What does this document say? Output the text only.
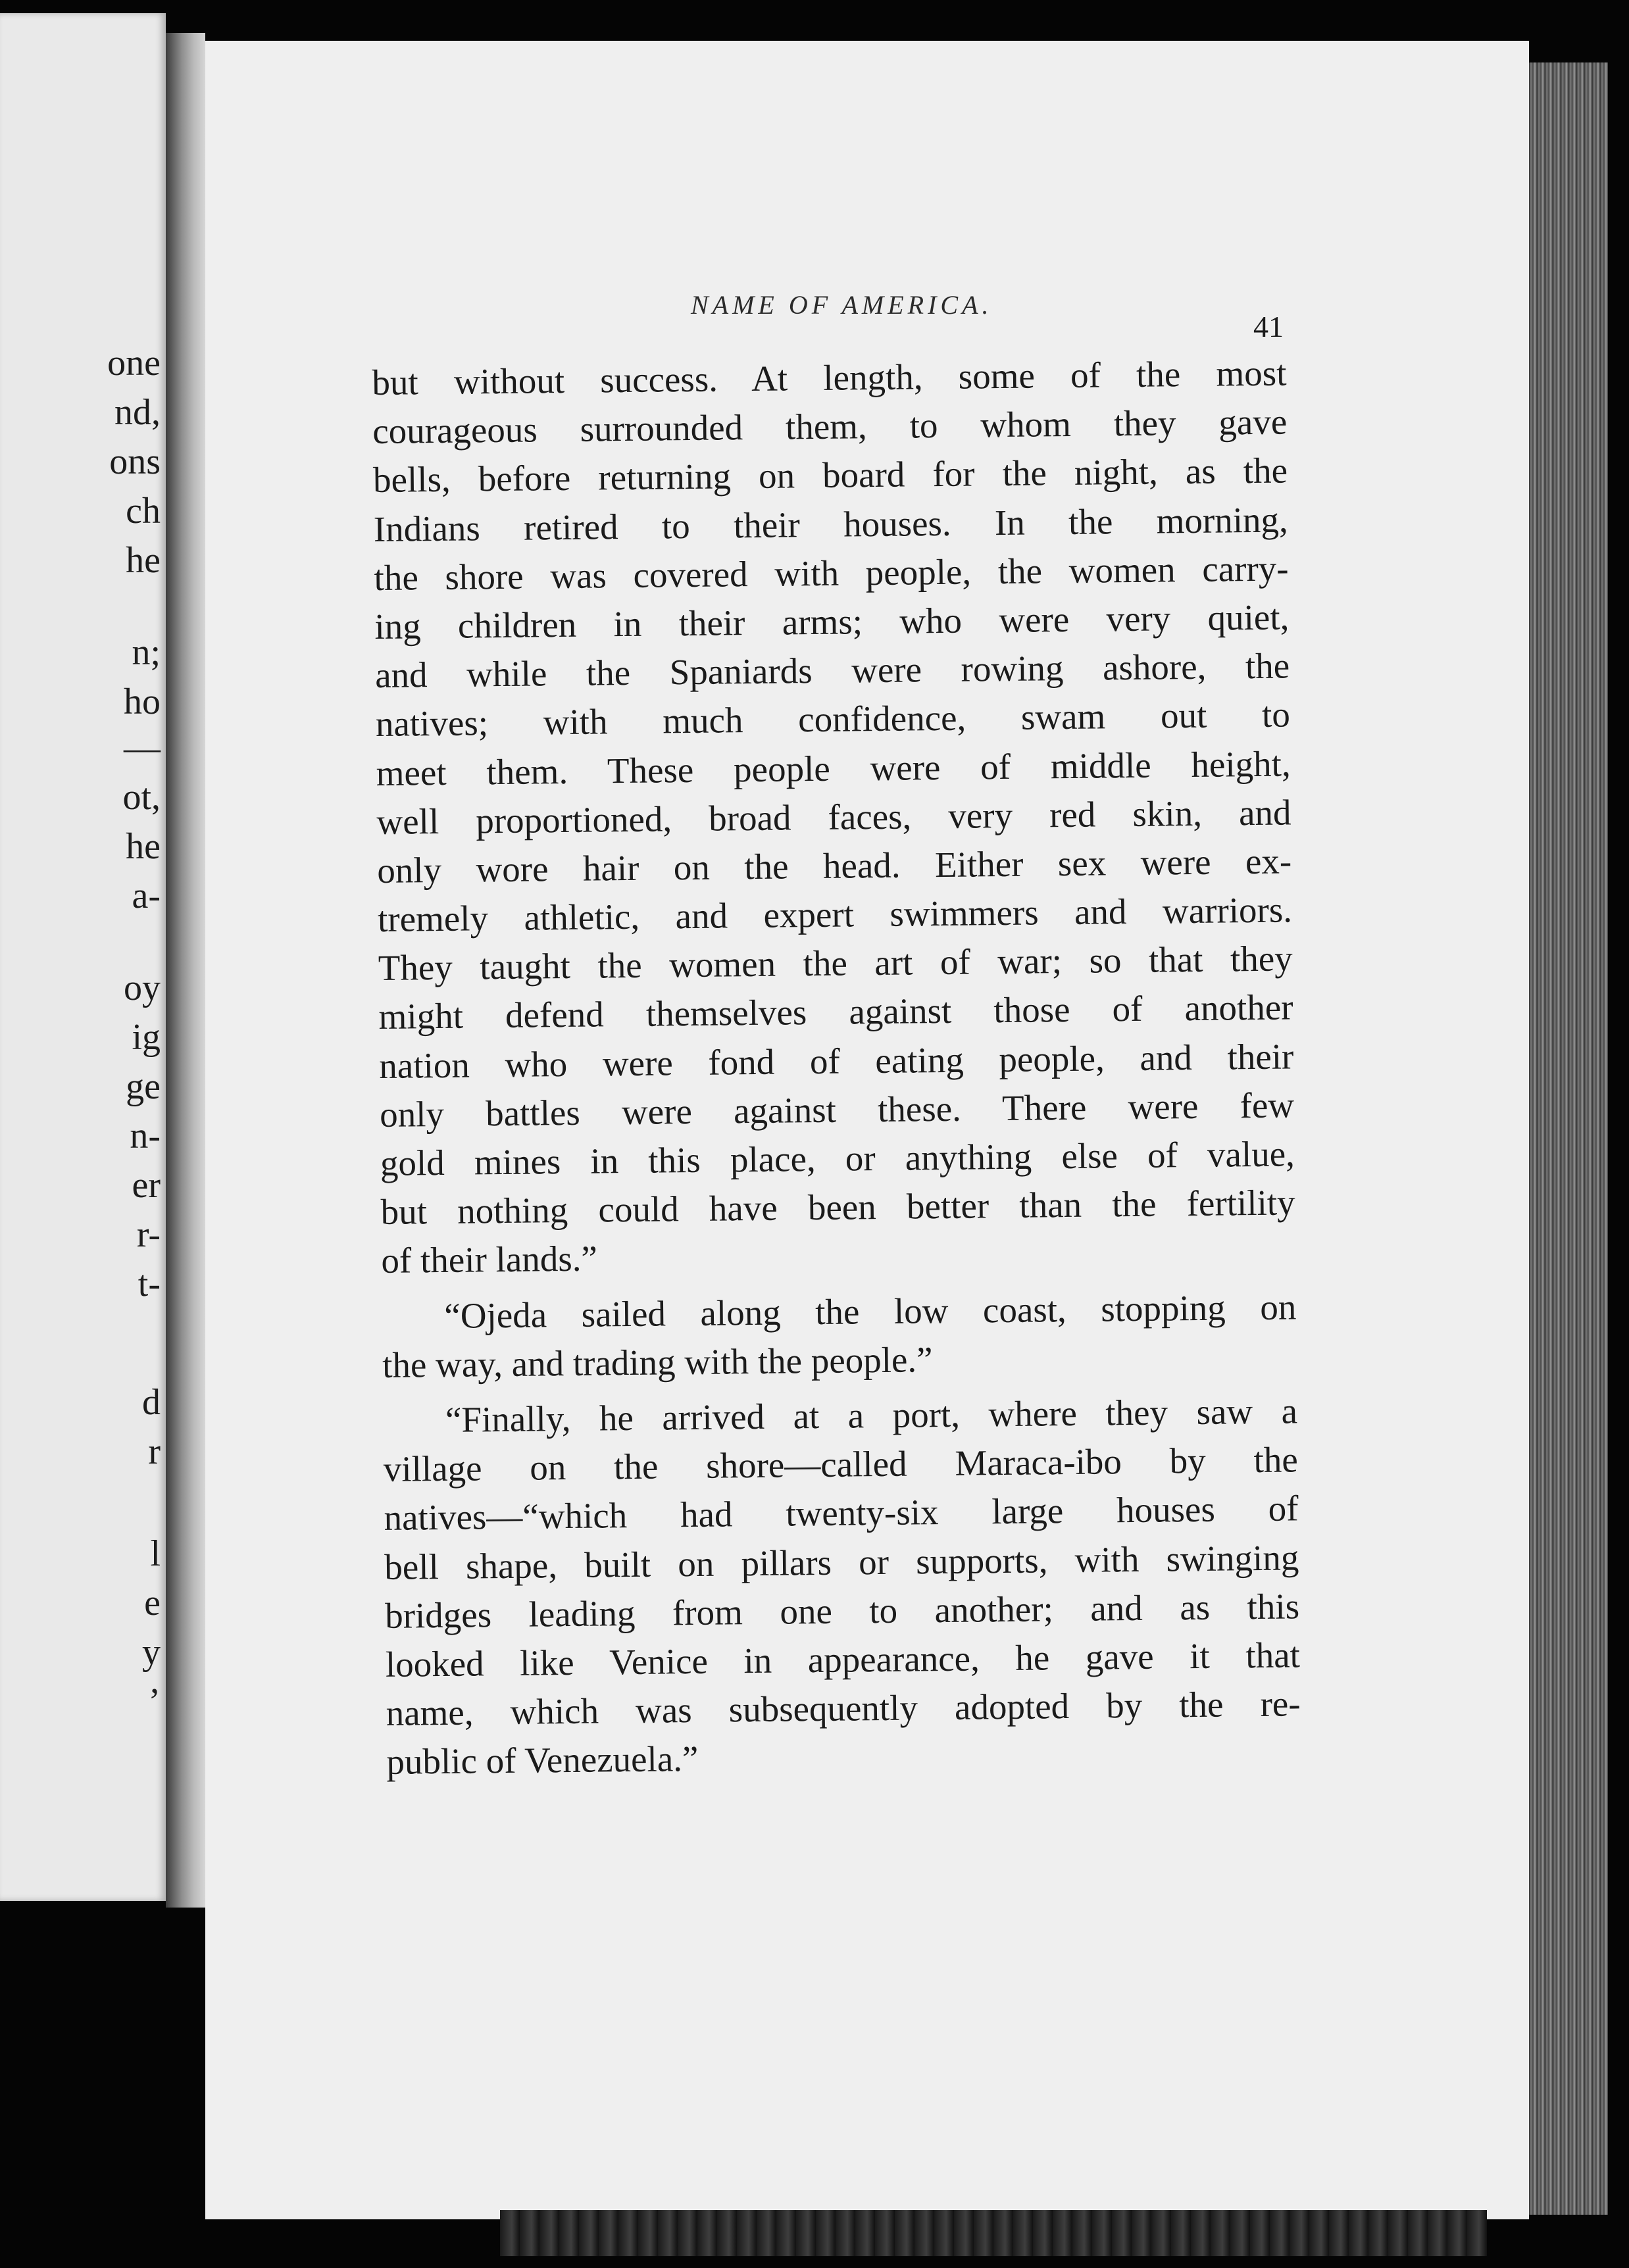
one
nd,
ons
ch
he
n;
ho
—
ot,
he
a-
oy
ig
ge
n-
er
r-
t-
d
r
l
e
y
’
NAME OF AMERICA.
41
but without success. At length, some of the most
courageous surrounded them, to whom they gave
bells, before returning on board for the night, as the
Indians retired to their houses. In the morning,
the shore was covered with people, the women carry-
ing children in their arms; who were very quiet,
and while the Spaniards were rowing ashore, the
natives; with much confidence, swam out to
meet them. These people were of middle height,
well proportioned, broad faces, very red skin, and
only wore hair on the head. Either sex were ex-
tremely athletic, and expert swimmers and warriors.
They taught the women the art of war; so that they
might defend themselves against those of another
nation who were fond of eating people, and their
only battles were against these. There were few
gold mines in this place, or anything else of value,
but nothing could have been better than the fertility
of their lands.”
“Ojeda sailed along the low coast, stopping on
the way, and trading with the people.”
“Finally, he arrived at a port, where they saw a
village on the shore—called Maraca-ibo by the
natives—“which had twenty-six large houses of
bell shape, built on pillars or supports, with swinging
bridges leading from one to another; and as this
looked like Venice in appearance, he gave it that
name, which was subsequently adopted by the re-
public of Venezuela.”
